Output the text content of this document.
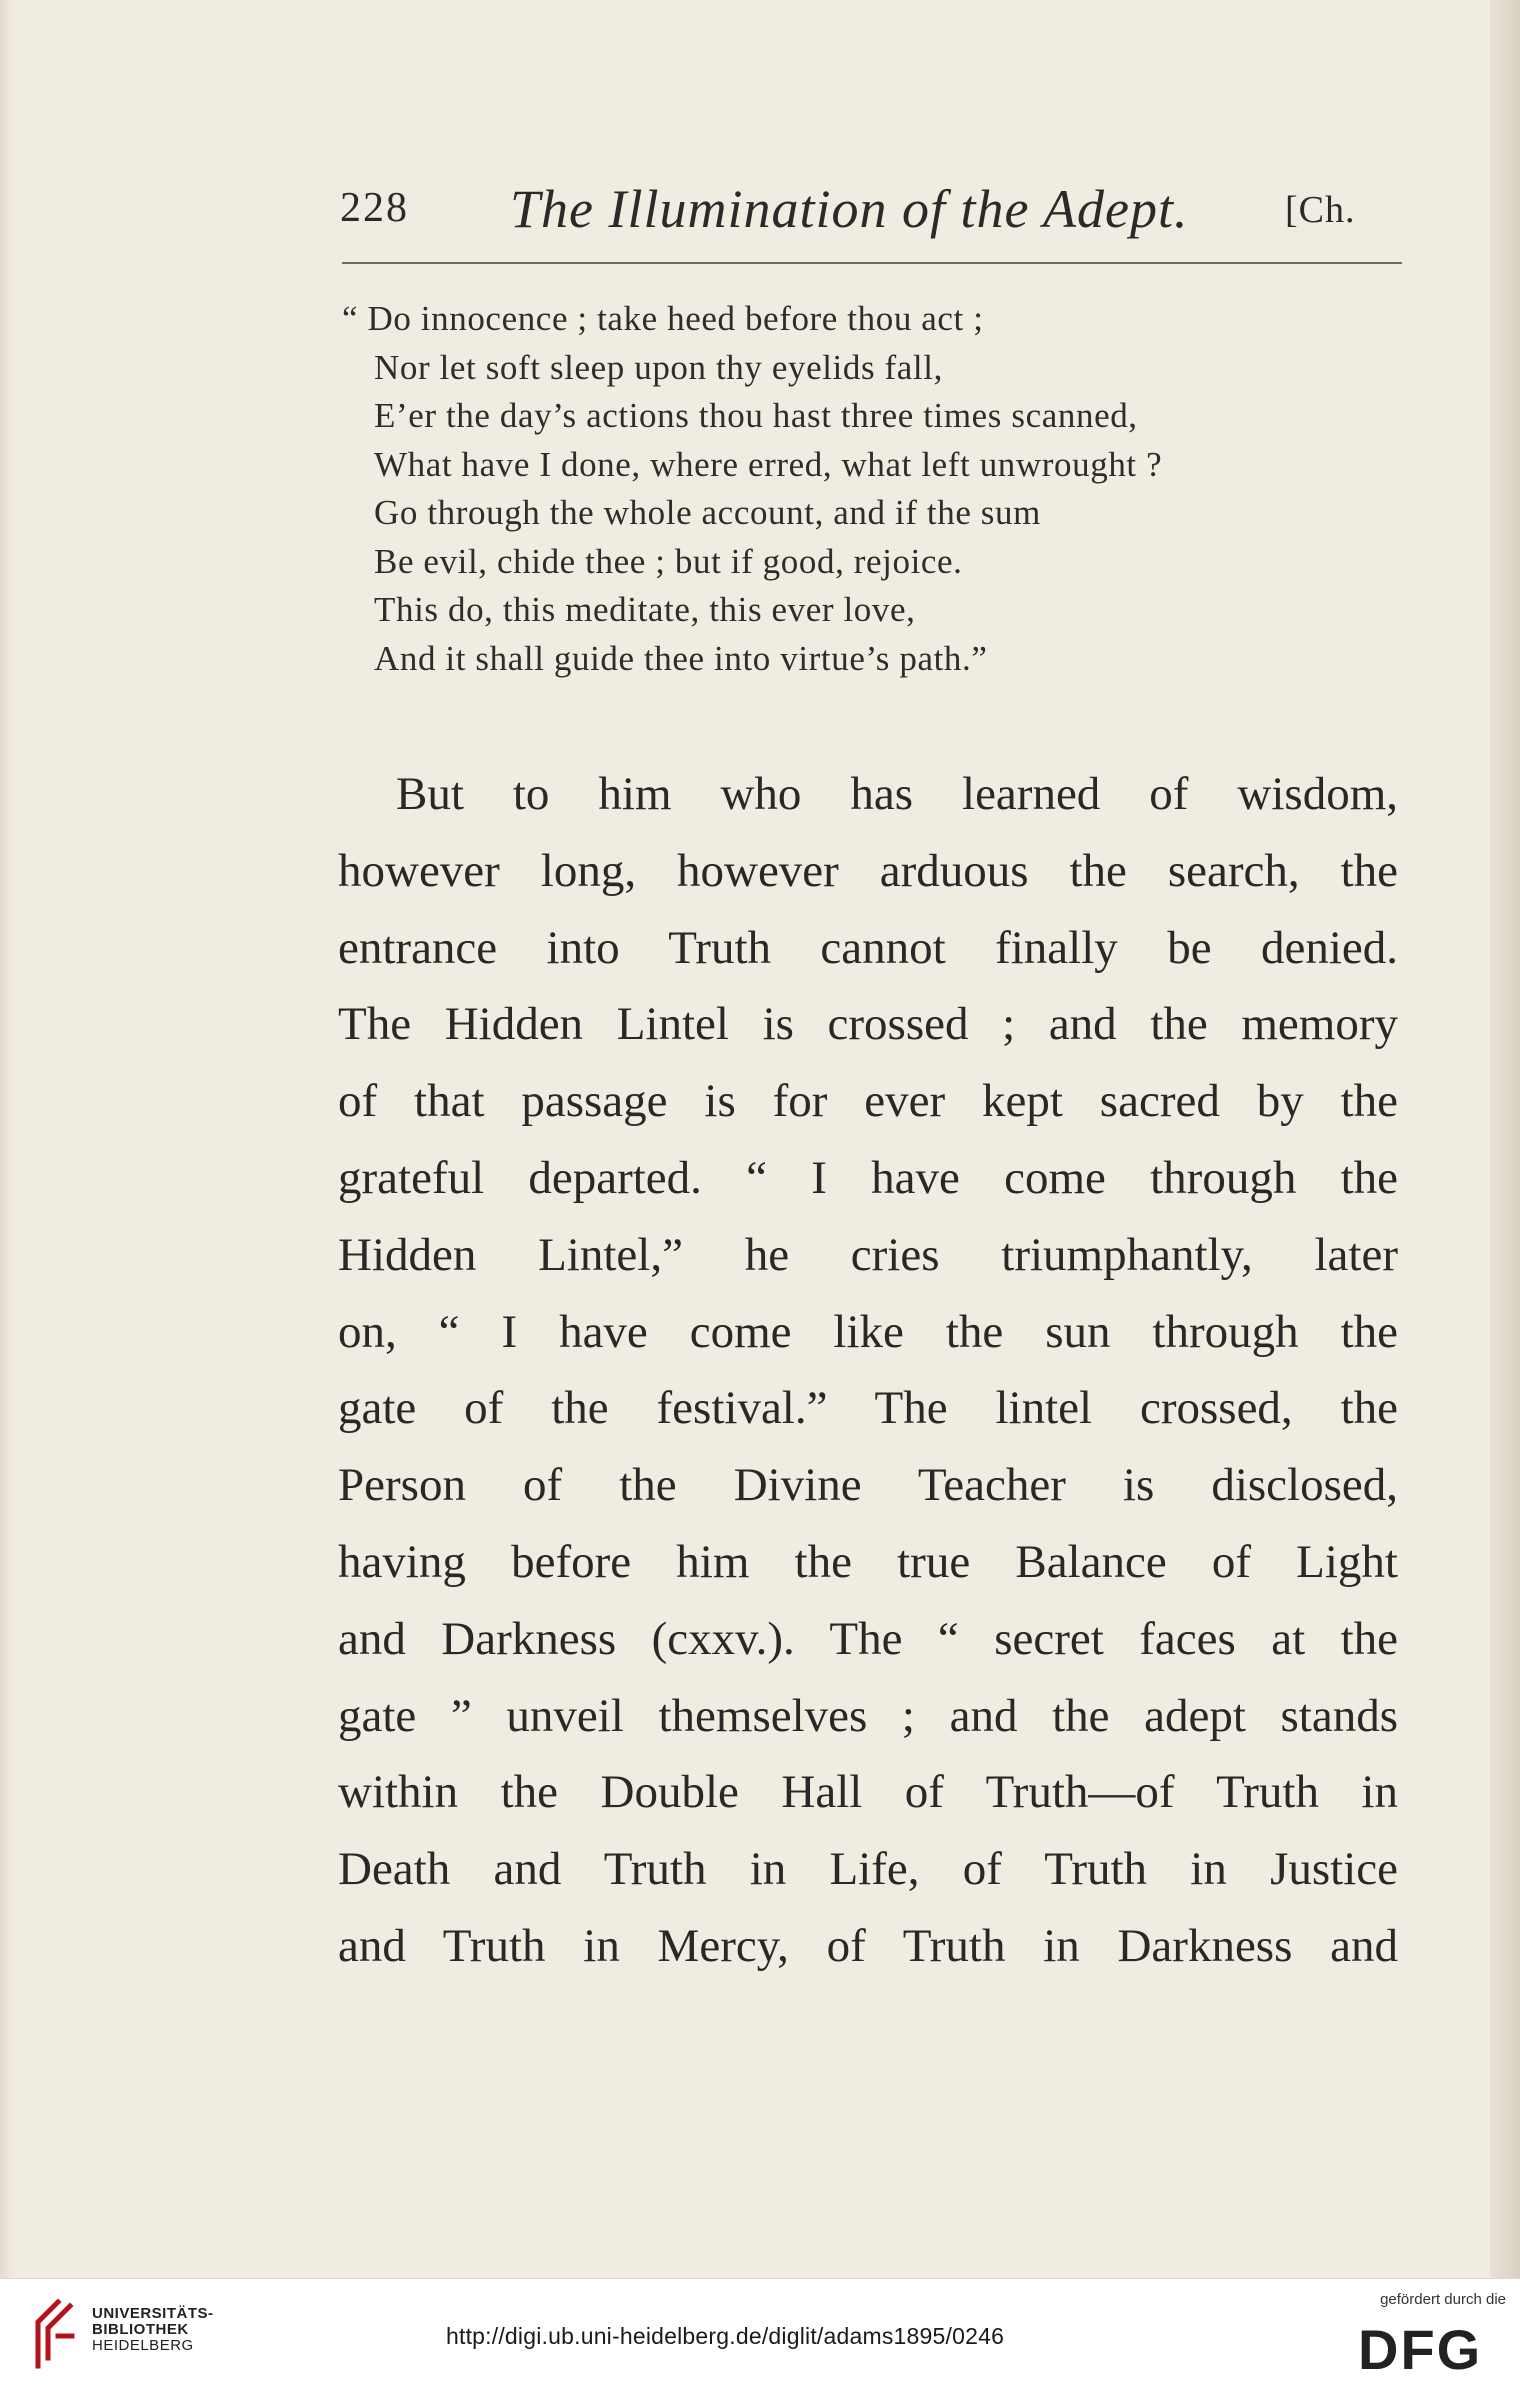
228 The Illumination of the Adept.	[Ch.
“ Do innocence ; take heed before thou act ;
Nor let soft sleep upon thy eyelids fall,
E’er the day’s actions thou hast three times scanned,
What have I done, where erred, what left unwrought ?
Go through the whole account, and if the sum
Be evil, chide thee ; but if good, rejoice.
This do, this meditate, this ever love,
And it shall guide thee into virtue’s path.”
But to him who has learned of wisdom,
however long, however arduous the search, the
entrance into Truth cannot finally be denied.
The Hidden Lintel is crossed ; and the memory
of that passage is for ever kept sacred by the
grateful departed. “ I have come through the
Hidden Lintel,” he cries triumphantly, later
on, “ I have come like the sun through the
gate of the festival.” The lintel crossed, the
Person of the Divine Teacher is disclosed,
having before him the true Balance of Light
and Darkness (cxxv.). The “ secret faces at the
gate ” unveil themselves ; and the adept stands
within the Double Hall of Truth—of Truth in
Death and Truth in Life, of Truth in Justice
and Truth in Mercy, of Truth in Darkness and
UNIVERSITÄTS-
BIBLIOTHEK
HEIDELBERG	http://digi.ub.uni-heidelberg.de/diglit/adams1895/0246
gefördert durch die
DFG
